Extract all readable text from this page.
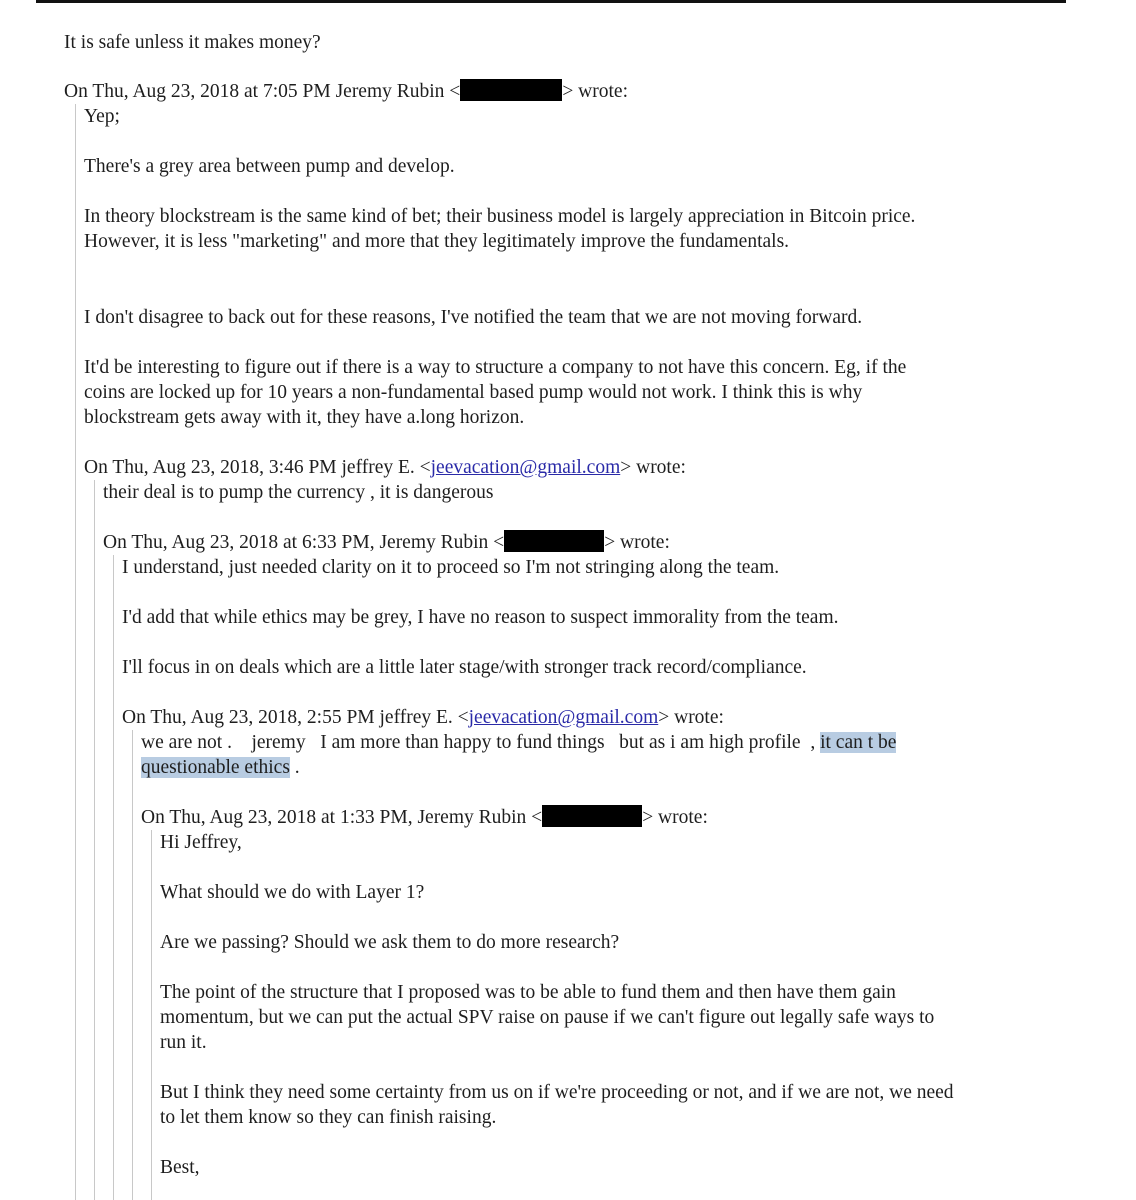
It is safe unless it makes money?
On Thu, Aug 23, 2018 at 7:05 PM Jeremy Rubin <	> wrote:
Yep;
There's a grey area between pump and develop.
In theory blockstream is the same kind of bet; their business model is largely appreciation in Bitcoin price.
However, it is less "marketing" and more that they legitimately improve the fundamentals.
I don't disagree to back out for these reasons, I've notified the team that we are not moving forward.
It'd be interesting to figure out if there is a way to structure a company to not have this concern. Eg, if the
coins are locked up for 10 years a non-fundamental based pump would not work. I think this is why
blockstream gets away with it, they have a.long horizon.
On Thu, Aug 23, 2018, 3:46 PM jeffrey E. <jeevacation@gmail.com> wrote:
their deal is to pump the currency , it is dangerous
On Thu, Aug 23, 2018 at 6:33 PM, Jeremy Rubin <	> wrote:
I understand, just needed clarity on it to proceed so I'm not stringing along the team.
I'd add that while ethics may be grey, I have no reason to suspect immorality from the team.
I'll focus in on deals which are a little later stage/with stronger track record/compliance.
On Thu, Aug 23, 2018, 2:55 PM jeffrey E. <jeevacation@gmail.com> wrote:
we are not .    jeremy   I am more than happy to fund things   but as i am high profile  , it can t be
questionable ethics .
On Thu, Aug 23, 2018 at 1:33 PM, Jeremy Rubin <	> wrote:
Hi Jeffrey,
What should we do with Layer 1?
Are we passing? Should we ask them to do more research?
The point of the structure that I proposed was to be able to fund them and then have them gain
momentum, but we can put the actual SPV raise on pause if we can't figure out legally safe ways to
run it.
But I think they need some certainty from us on if we're proceeding or not, and if we are not, we need
to let them know so they can finish raising.
Best,
